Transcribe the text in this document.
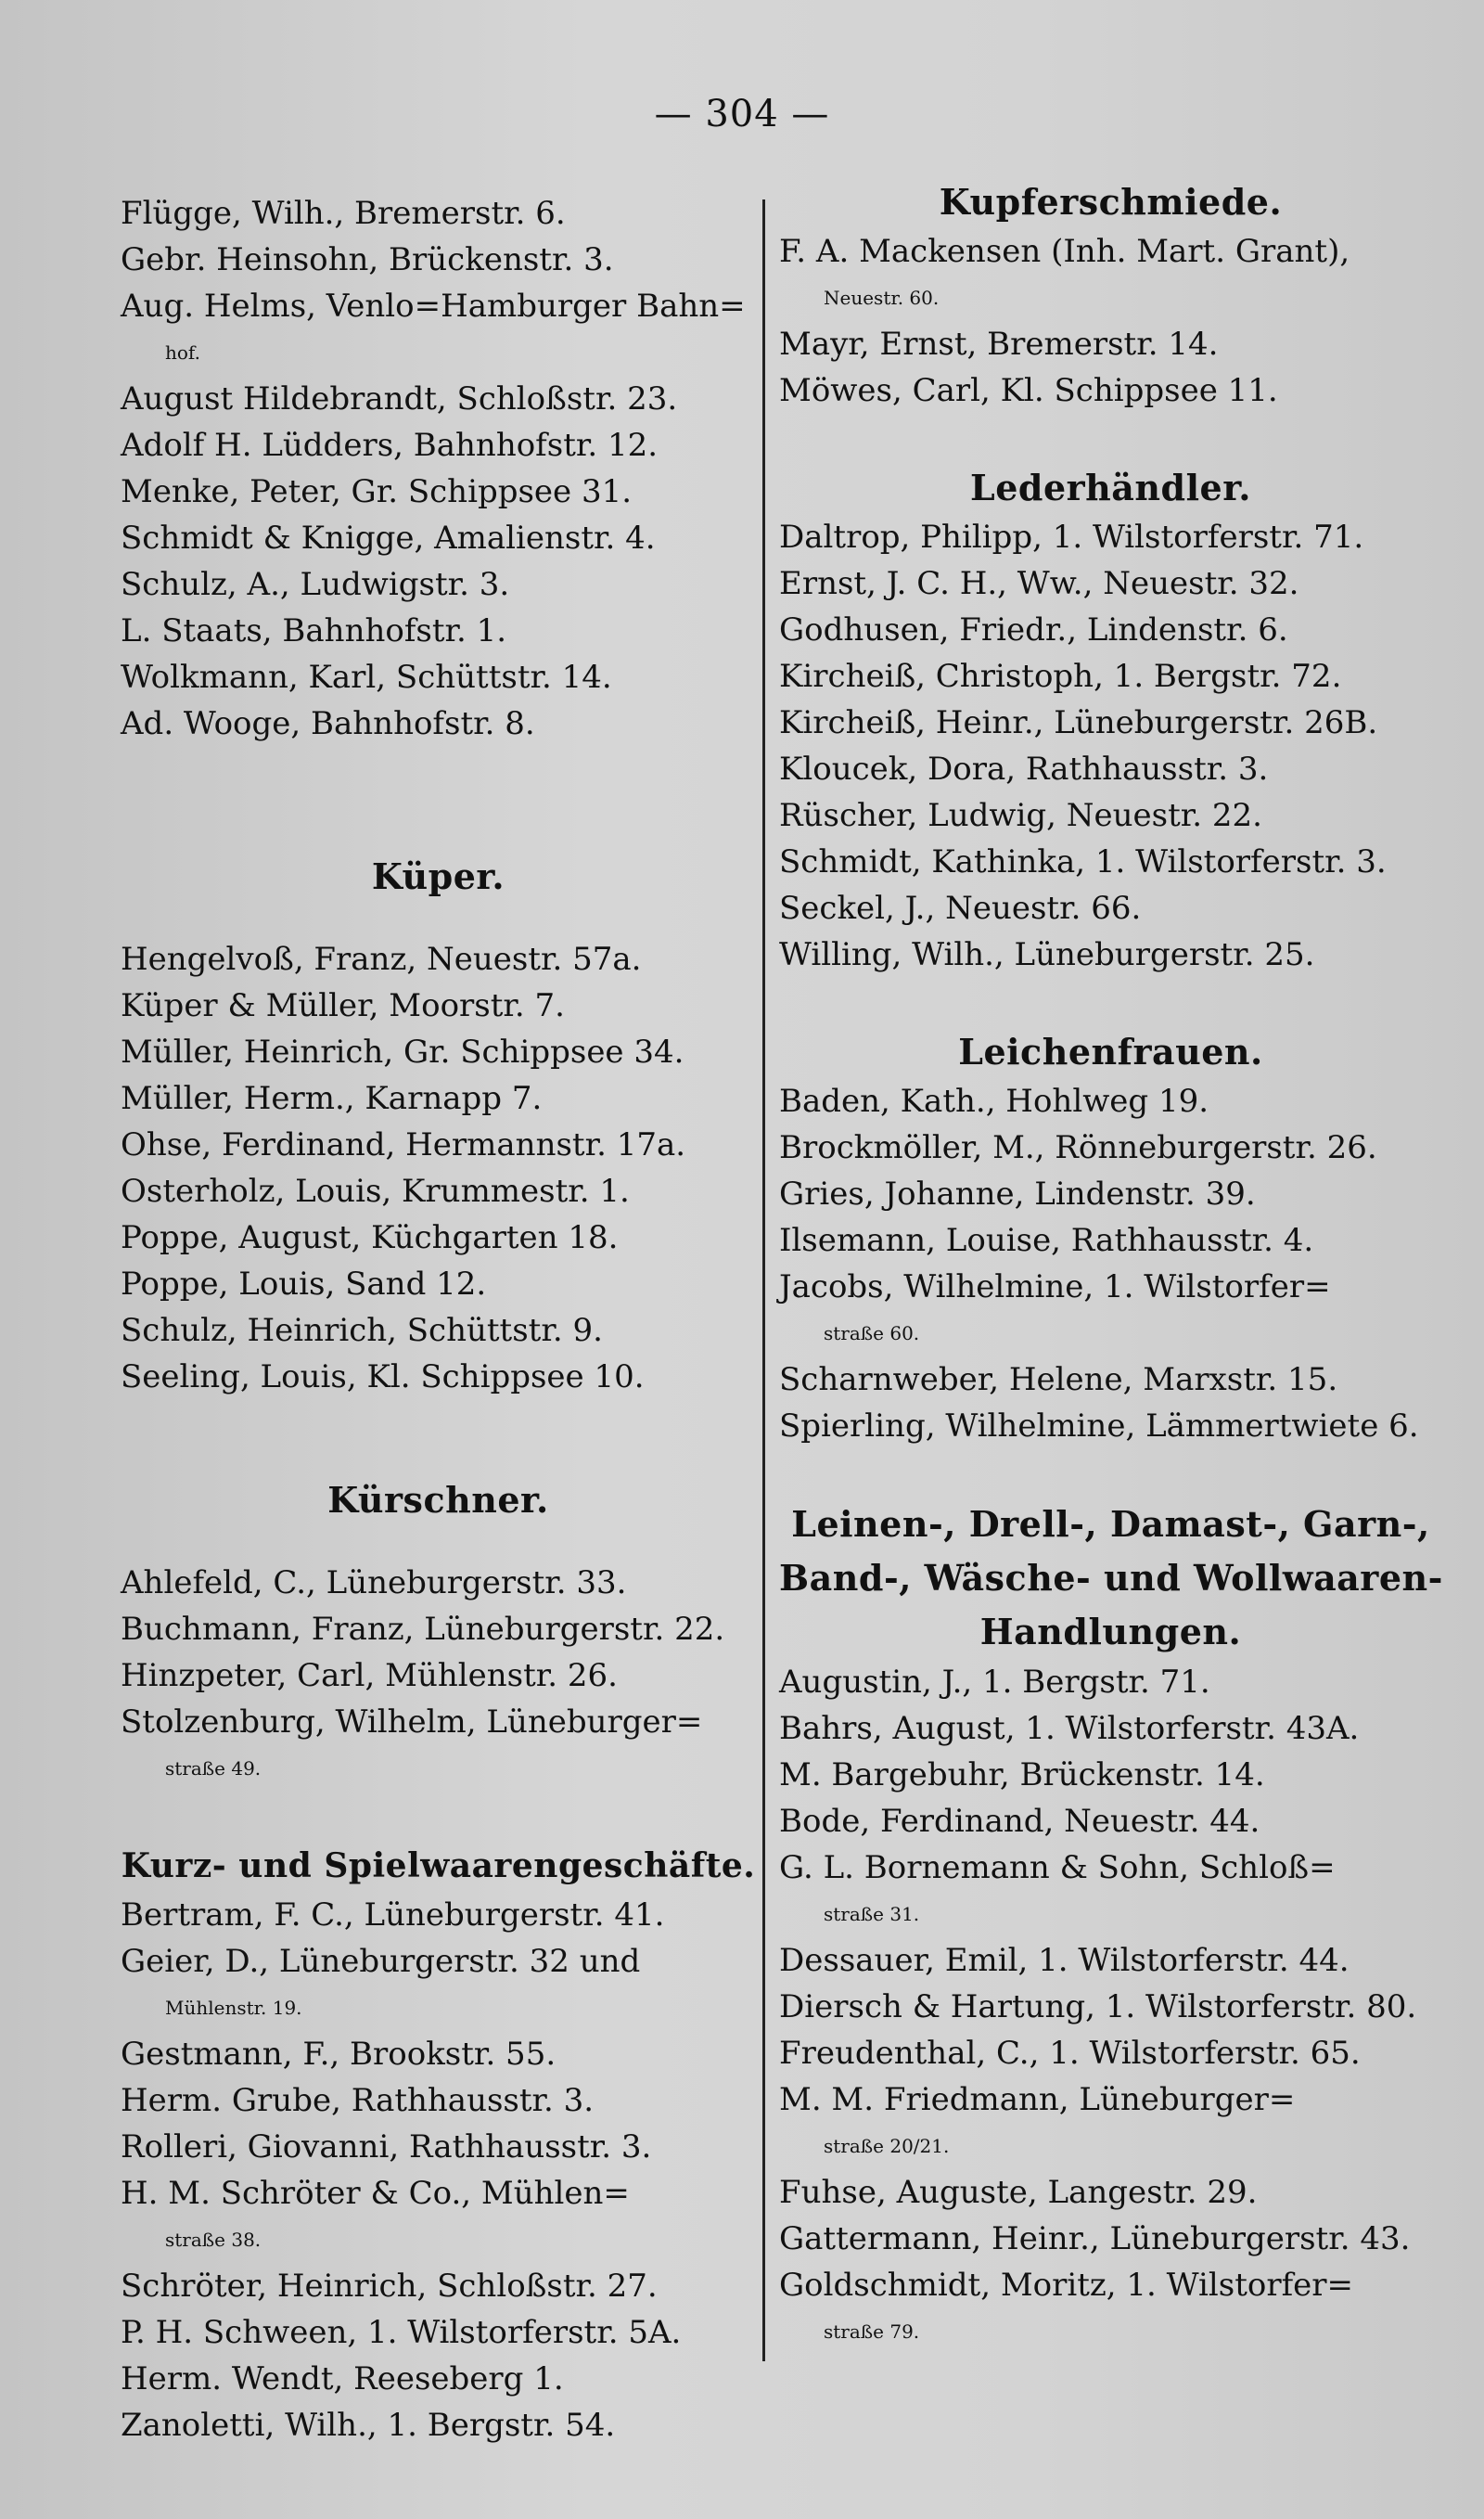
— 304 —
Flügge, Wilh., Bremerstr. 6.
Gebr. Heinsohn, Brückenstr. 3.
Aug. Helms, Venlo=Hamburger Bahn=
hof.
August Hildebrandt, Schloßstr. 23.
Adolf H. Lüdders, Bahnhofstr. 12.
Menke, Peter, Gr. Schippsee 31.
Schmidt & Knigge, Amalienstr. 4.
Schulz, A., Ludwigstr. 3.
L. Staats, Bahnhofstr. 1.
Wolkmann, Karl, Schüttstr. 14.
Ad. Wooge, Bahnhofstr. 8.
Küper.
Hengelvoß, Franz, Neuestr. 57a.
Küper & Müller, Moorstr. 7.
Müller, Heinrich, Gr. Schippsee 34.
Müller, Herm., Karnapp 7.
Ohse, Ferdinand, Hermannstr. 17a.
Osterholz, Louis, Krummestr. 1.
Poppe, August, Küchgarten 18.
Poppe, Louis, Sand 12.
Schulz, Heinrich, Schüttstr. 9.
Seeling, Louis, Kl. Schippsee 10.
Kürschner.
Ahlefeld, C., Lüneburgerstr. 33.
Buchmann, Franz, Lüneburgerstr. 22.
Hinzpeter, Carl, Mühlenstr. 26.
Stolzenburg, Wilhelm, Lüneburger=
straße 49.
Kurz- und Spielwaarengeschäfte.
Bertram, F. C., Lüneburgerstr. 41.
Geier, D., Lüneburgerstr. 32 und
Mühlenstr. 19.
Gestmann, F., Brookstr. 55.
Herm. Grube, Rathhausstr. 3.
Rolleri, Giovanni, Rathhausstr. 3.
H. M. Schröter & Co., Mühlen=
straße 38.
Schröter, Heinrich, Schloßstr. 27.
P. H. Schween, 1. Wilstorferstr. 5A.
Herm. Wendt, Reeseberg 1.
Zanoletti, Wilh., 1. Bergstr. 54.
Kupferschmiede.
F. A. Mackensen (Inh. Mart. Grant),
Neuestr. 60.
Mayr, Ernst, Bremerstr. 14.
Möwes, Carl, Kl. Schippsee 11.
Lederhändler.
Daltrop, Philipp, 1. Wilstorferstr. 71.
Ernst, J. C. H., Ww., Neuestr. 32.
Godhusen, Friedr., Lindenstr. 6.
Kircheiß, Christoph, 1. Bergstr. 72.
Kircheiß, Heinr., Lüneburgerstr. 26B.
Kloucek, Dora, Rathhausstr. 3.
Rüscher, Ludwig, Neuestr. 22.
Schmidt, Kathinka, 1. Wilstorferstr. 3.
Seckel, J., Neuestr. 66.
Willing, Wilh., Lüneburgerstr. 25.
Leichenfrauen.
Baden, Kath., Hohlweg 19.
Brockmöller, M., Rönneburgerstr. 26.
Gries, Johanne, Lindenstr. 39.
Ilsemann, Louise, Rathhausstr. 4.
Jacobs, Wilhelmine, 1. Wilstorfer=
straße 60.
Scharnweber, Helene, Marxstr. 15.
Spierling, Wilhelmine, Lämmertwiete 6.
Leinen-, Drell-, Damast-, Garn-,
Band-, Wäsche- und Wollwaaren-
Handlungen.
Augustin, J., 1. Bergstr. 71.
Bahrs, August, 1. Wilstorferstr. 43A.
M. Bargebuhr, Brückenstr. 14.
Bode, Ferdinand, Neuestr. 44.
G. L. Bornemann & Sohn, Schloß=
straße 31.
Dessauer, Emil, 1. Wilstorferstr. 44.
Diersch & Hartung, 1. Wilstorferstr. 80.
Freudenthal, C., 1. Wilstorferstr. 65.
M. M. Friedmann, Lüneburger=
straße 20/21.
Fuhse, Auguste, Langestr. 29.
Gattermann, Heinr., Lüneburgerstr. 43.
Goldschmidt, Moritz, 1. Wilstorfer=
straße 79.
